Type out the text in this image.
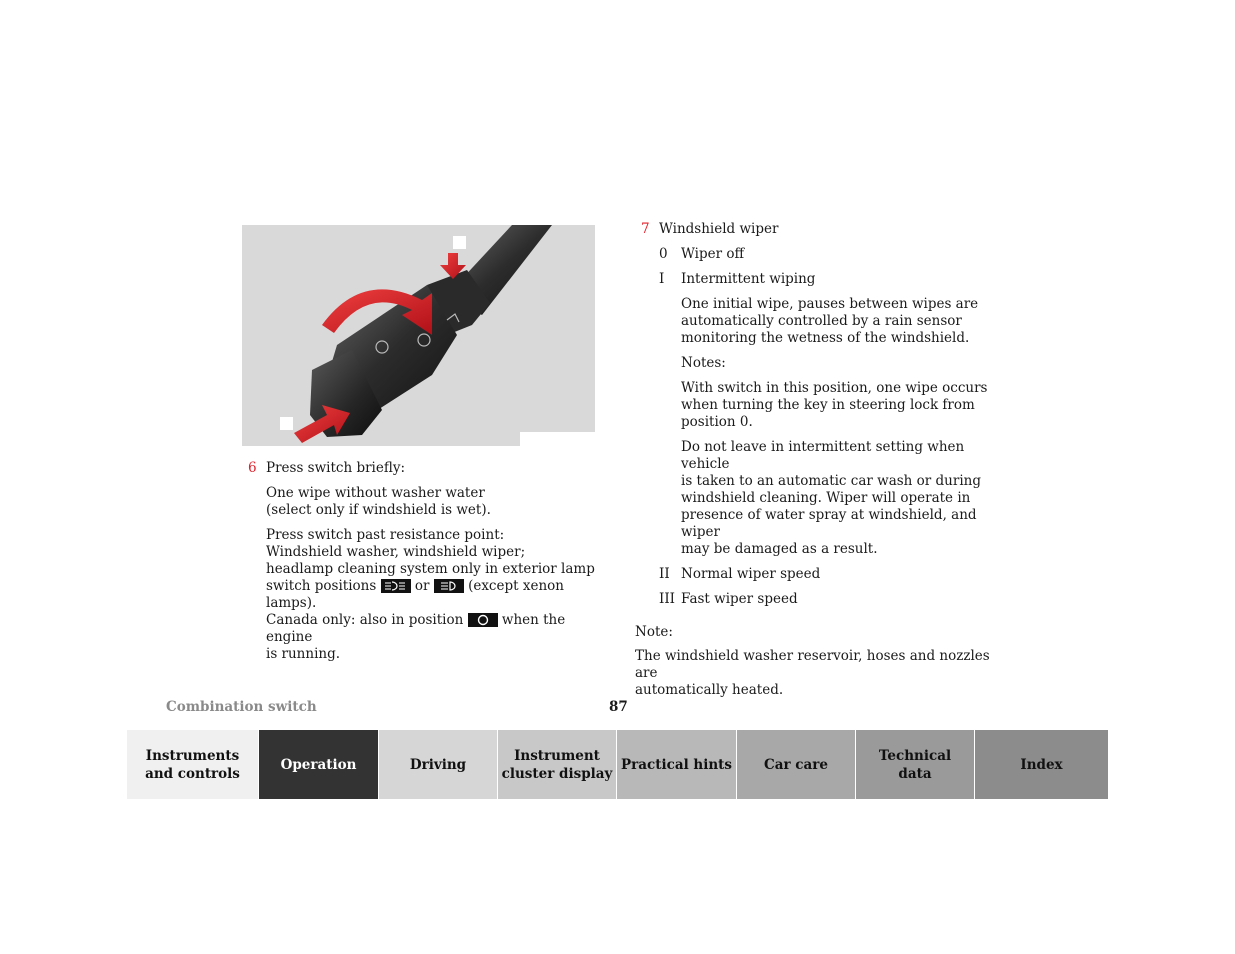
6 Press switch briefly:
One wipe without washer water
(select only if windshield is wet).
Press switch past resistance point:
Windshield washer, windshield wiper;
headlamp cleaning system only in exterior lamp
switch positions	or	(except xenon
lamps).
Canada only: also in position	when the engine
is running.
7 Windshield wiper
0 Wiper off
I	Intermittent wiping
One initial wipe, pauses between wipes are
automatically controlled by a rain sensor
monitoring the wetness of the windshield.
Notes:
With switch in this position, one wipe occurs
when turning the key in steering lock from
position 0.
Do not leave in intermittent setting when vehicle
is taken to an automatic car wash or during
windshield cleaning. Wiper will operate in
presence of water spray at windshield, and wiper
may be damaged as a result.
II Normal wiper speed
III Fast wiper speed
Note:
The windshield washer reservoir, hoses and nozzles are
automatically heated.
Combination switch	87
Instruments
and controls
Operation	Driving
Instrument
cluster display
Practical hints Car care
Technical
data
Index
